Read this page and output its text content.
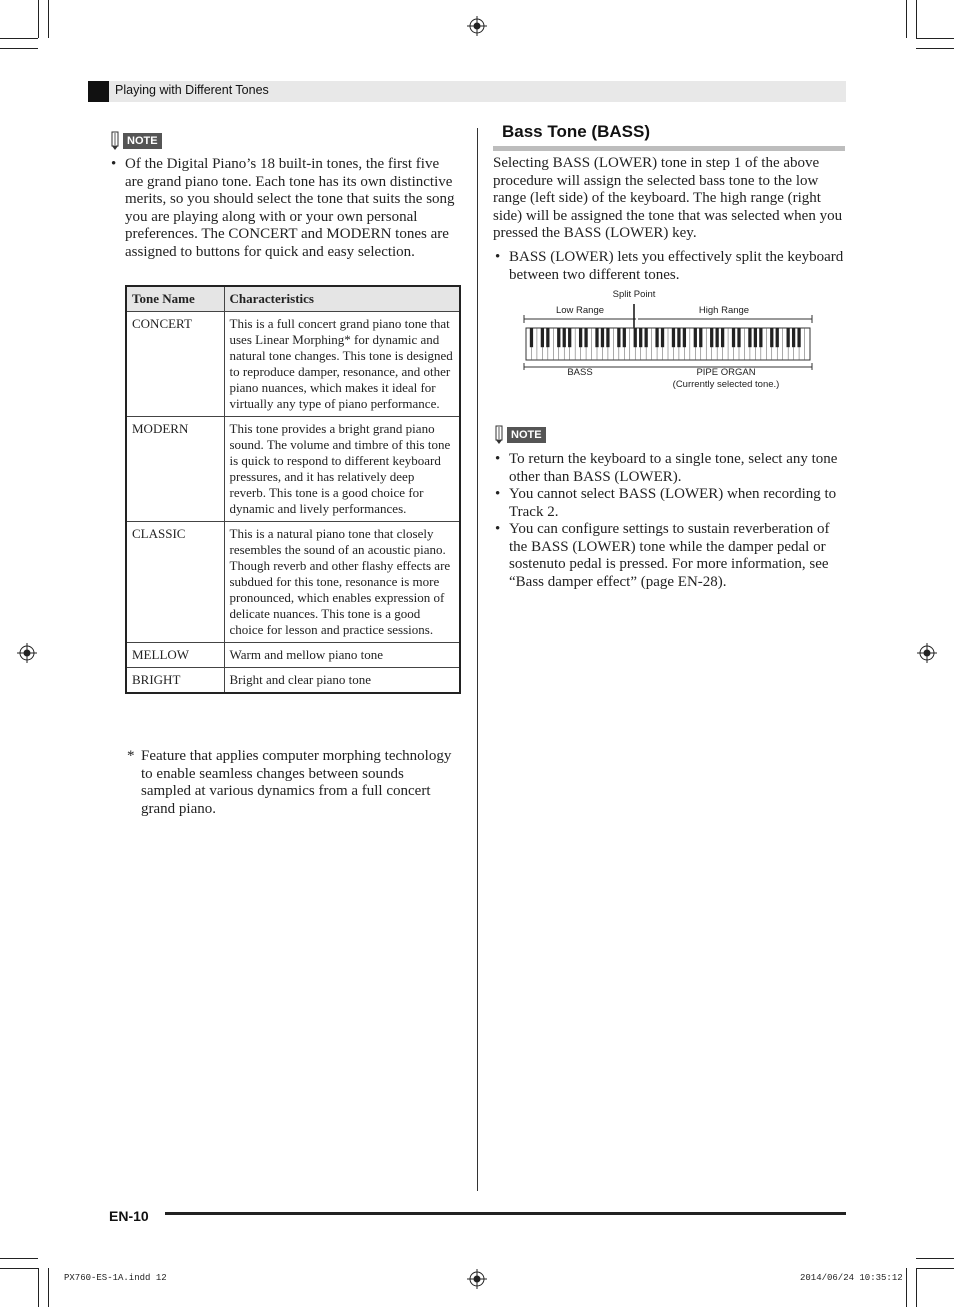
Playing with Different Tones
NOTE
• Of the Digital Piano’s 18 built-in tones, the first five are grand piano tone. Each tone has its own distinctive merits, so you should select the tone that suits the song you are playing along with or your own personal preferences. The CONCERT and MODERN tones are assigned to buttons for quick and easy selection.
Tone Name	Characteristics
CONCERT	This is a full concert grand piano tone that uses Linear Morphing* for dynamic and natural tone changes. This tone is designed to reproduce damper, resonance, and other piano nuances, which makes it ideal for virtually any type of piano performance.
MODERN	This tone provides a bright grand piano sound. The volume and timbre of this tone is quick to respond to different keyboard pressures, and it has relatively deep reverb. This tone is a good choice for dynamic and lively performances.
CLASSIC	This is a natural piano tone that closely resembles the sound of an acoustic piano. Though reverb and other flashy effects are subdued for this tone, resonance is more pronounced, which enables expression of delicate nuances. This tone is a good choice for lesson and practice sessions.
MELLOW	Warm and mellow piano tone
BRIGHT	Bright and clear piano tone
* Feature that applies computer morphing technology to enable seamless changes between sounds sampled at various dynamics from a full concert grand piano.
Bass Tone (BASS)
Selecting BASS (LOWER) tone in step 1 of the above procedure will assign the selected bass tone to the low range (left side) of the keyboard. The high range (right side) will be assigned the tone that was selected when you pressed the BASS (LOWER) key.
• BASS (LOWER) lets you effectively split the keyboard between two different tones.
Split Point
Low Range	High Range
BASS	PIPE ORGAN
(Currently selected tone.)
NOTE
• To return the keyboard to a single tone, select any tone other than BASS (LOWER).
• You cannot select BASS (LOWER) when recording to Track 2.
• You can configure settings to sustain reverberation of the BASS (LOWER) tone while the damper pedal or sostenuto pedal is pressed. For more information, see “Bass damper effect” (page EN-28).
EN-10
PX760-ES-1A.indd 12	2014/06/24 10:35:12
